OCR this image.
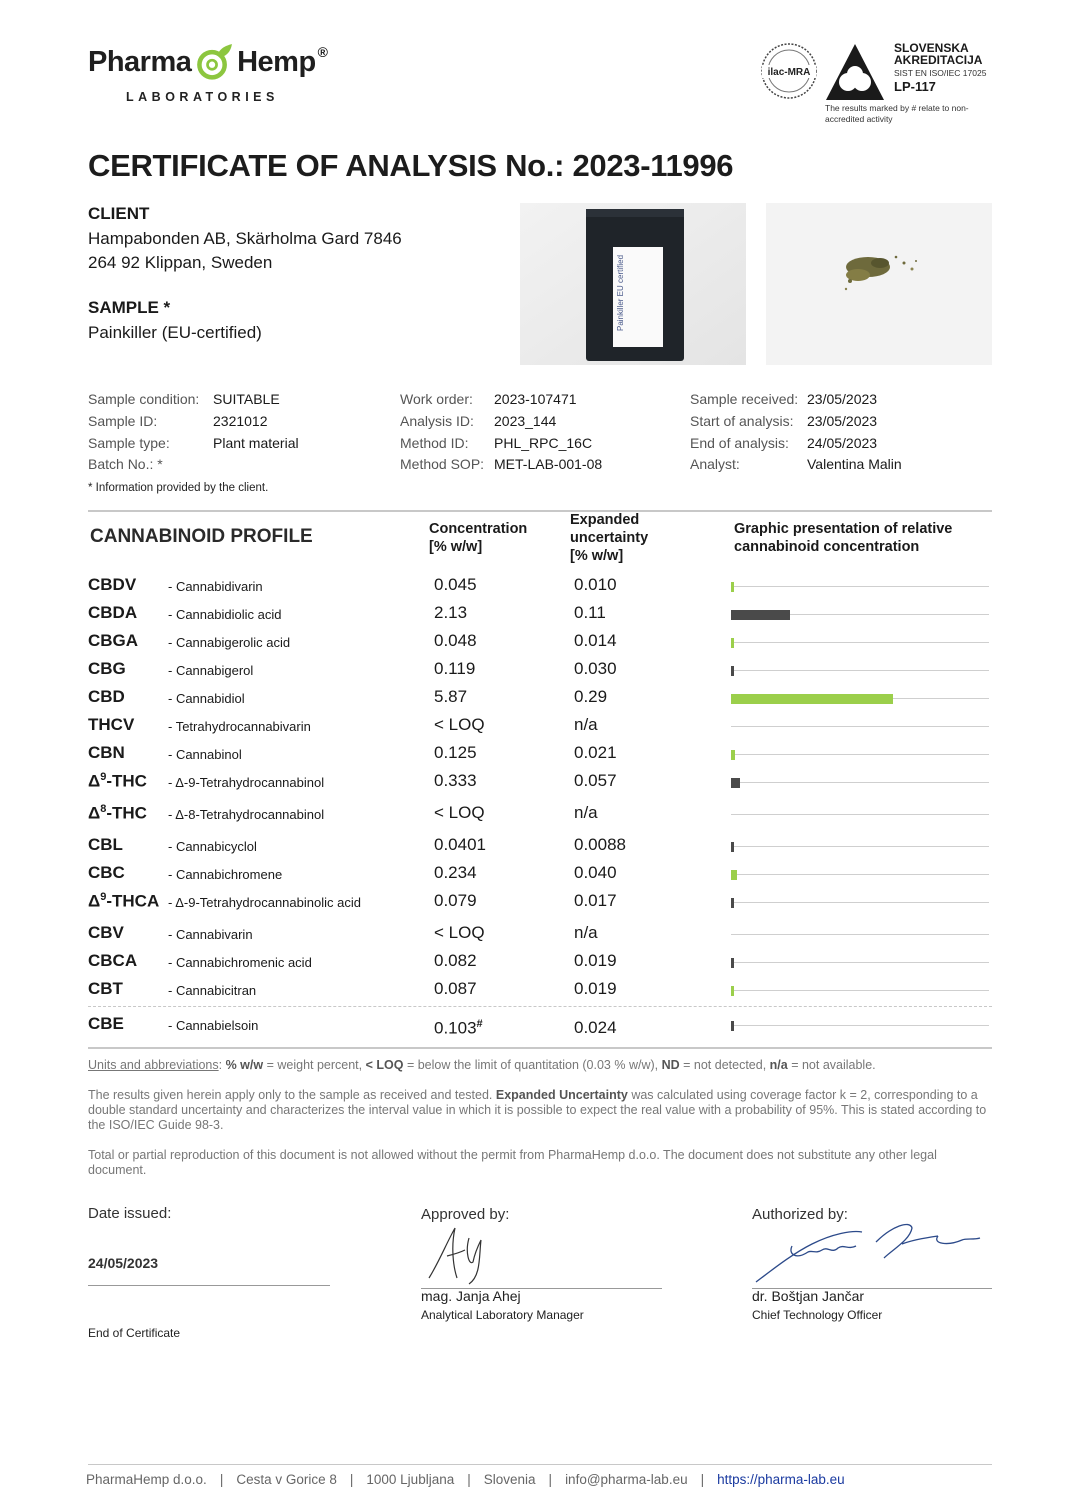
Pharma Hemp ®
LABORATORIES
ilac-MRA
SLOVENSKA
AKREDITACIJA
SIST EN ISO/IEC 17025
LP-117
The results marked by # relate to non-accredited activity
CERTIFICATE OF ANALYSIS No.: 2023-11996
CLIENT
Hampabonden AB, Skärholma Gard 7846
264 92 Klippan, Sweden
SAMPLE *
Painkiller (EU-certified)
Painkiller EU certified
Sample condition: SUITABLE
Sample ID:	2321012
Sample type:	Plant material
Batch No.: *
Work order: 2023-107471
Analysis ID: 2023_144
Method ID: PHL_RPC_16C
Method SOP: MET-LAB-001-08
Sample received: 23/05/2023
Start of analysis: 23/05/2023
End of analysis: 24/05/2023
Analyst:	Valentina Malin
* Information provided by the client.
CANNABINOID PROFILE	Concentration
[% w/w]
Expanded
uncertainty
[% w/w]
Graphic presentation of relative
cannabinoid concentration
CBDV - Cannabidivarin	0.045	0.010
CBDA - Cannabidiolic acid	2.13	0.11
CBGA - Cannabigerolic acid	0.048	0.014
CBG	- Cannabigerol	0.119	0.030
CBD	- Cannabidiol	5.87	0.29
THCV	- Tetrahydrocannabivarin	< LOQ	n/a
CBN	- Cannabinol	0.125	0.021
$\Delta^9$-THC - Δ-9-Tetrahydrocannabinol	0.333	0.057
$\Delta^8$-THC - Δ-8-Tetrahydrocannabinol	< LOQ	n/a
CBL	- Cannabicyclol	0.0401	0.0088
CBC	- Cannabichromene	0.234	0.040
$\Delta^9$-THCA - Δ-9-Tetrahydrocannabinolic acid	0.079	0.017
CBV	- Cannabivarin	< LOQ	n/a
CBCA - Cannabichromenic acid	0.082	0.019
CBT	- Cannabicitran	0.087	0.019
CBE	- Cannabielsoin	0.103#	0.024
Units and abbreviations: % w/w = weight percent, < LOQ = below the limit of quantitation (0.03 % w/w), ND = not detected, n/a = not available.
The results given herein apply only to the sample as received and tested. Expanded Uncertainty was calculated using coverage factor k = 2, corresponding to a double standard uncertainty and characterizes the interval value in which it is possible to expect the real value with a probability of 95%. This is stated according to the ISO/IEC Guide 98-3.
Total or partial reproduction of this document is not allowed without the permit from PharmaHemp d.o.o. The document does not substitute any other legal document.
Date issued:
24/05/2023
Approved by:
mag. Janja Ahej
Analytical Laboratory Manager
Authorized by:
dr. Boštjan Jančar
Chief Technology Officer
End of Certificate
PharmaHemp d.o.o. | Cesta v Gorice 8 | 1000 Ljubljana | Slovenia | info@pharma-lab.eu | https://pharma-lab.eu
